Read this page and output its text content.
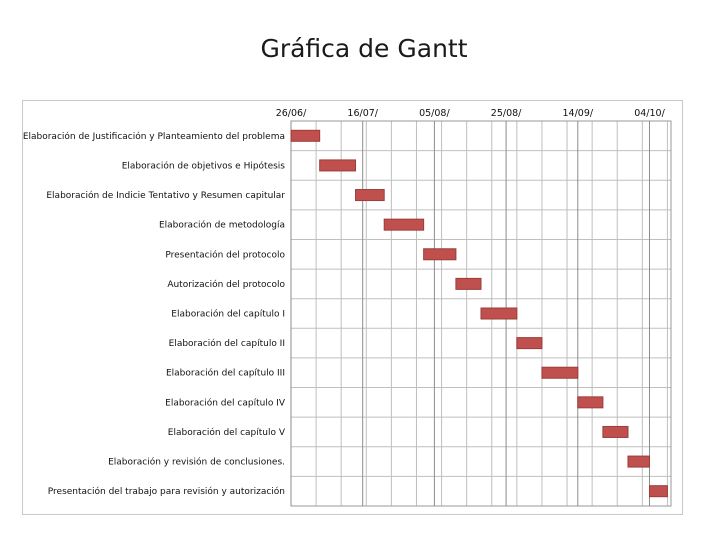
Gráfica de Gantt
26/06/	16/07/	05/08/	25/08/	14/09/	04/10/
Elaboración de Justificación y Planteamiento del problema
Elaboración de objetivos e Hipótesis
Elaboración de Indicie Tentativo y Resumen capitular
Elaboración de metodología
Presentación del protocolo
Autorización del protocolo
Elaboración del capítulo I
Elaboración del capítulo II
Elaboración del capítulo III
Elaboración del capítulo IV
Elaboración del capítulo V
Elaboración y revisión de conclusiones.
Presentación del trabajo para revisión y autorización
